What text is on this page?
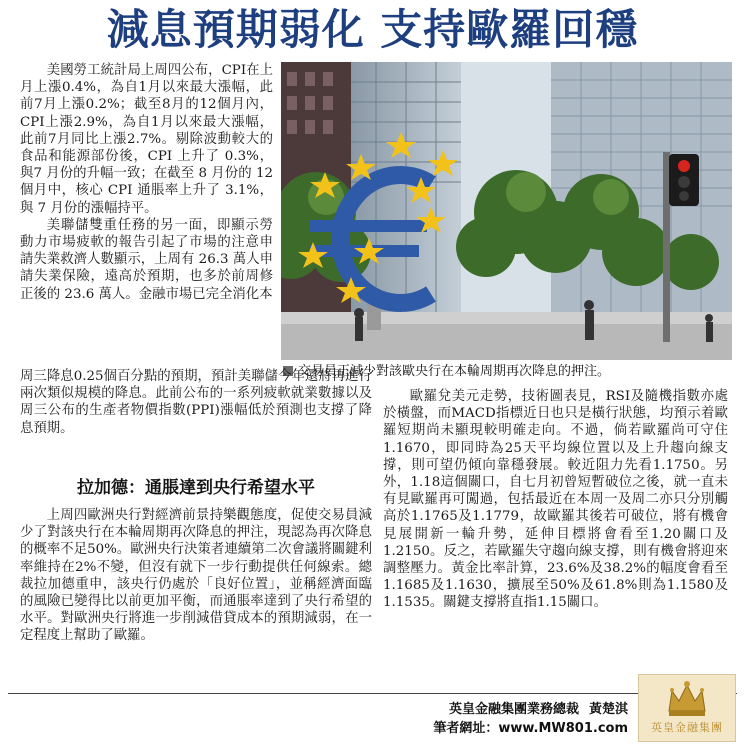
減息預期弱化 支持歐羅回穩

美國勞工統計局上周四公布，CPI在上月上漲0.4%，為自1月以來最大漲幅，此前7月上漲0.2%；截至8月的12個月內，CPI上漲2.9%，為自1月以來最大漲幅，此前7月同比上漲2.7%。剔除波動較大的食品和能源部份後，CPI 上升了 0.3%，與7 月份的升幅一致；在截至 8 月份的 12 個月中，核心 CPI 通脹率上升了 3.1%，與 7 月份的漲幅持平。

美聯儲雙重任務的另一面，即顯示勞動力市場疲軟的報告引起了市場的注意申請失業救濟人數顯示，上周有 26.3 萬人申請失業保險，遠高於預期，也多於前周修正後的 23.6 萬人。金融市場已完全消化本

交易員正減少對該歐央行在本輪周期再次降息的押注。

周三降息0.25個百分點的預期，預計美聯儲今年還將再進行兩次類似規模的降息。此前公布的一系列疲軟就業數據以及周三公布的生產者物價指數(PPI)漲幅低於預測也支撐了降息預期。

拉加德：通脹達到央行希望水平

上周四歐洲央行對經濟前景持樂觀態度，促使交易員減少了對該央行在本輪周期再次降息的押注，現認為再次降息的概率不足50%。歐洲央行決策者連續第二次會議將關鍵利率維持在2%不變，但沒有就下一步行動提供任何線索。總裁拉加德重申，該央行仍處於「良好位置」，並稱經濟面臨的風險已變得比以前更加平衡，而通脹率達到了央行希望的水平。對歐洲央行將進一步削減借貸成本的預期減弱，在一定程度上幫助了歐羅。

歐羅兌美元走勢，技術圖表見，RSI及隨機指數亦處於橫盤，而MACD指標近日也只是橫行狀態，均預示着歐羅短期尚未顯現較明確走向。不過，倘若歐羅尚可守住1.1670，即同時為25天平均線位置以及上升趨向線支撐，則可望仍傾向靠穩發展。較近阻力先看1.1750。另外，1.18這個關口，自七月初曾短暫破位之後，就一直未有見歐羅再可闖過，包括最近在本周一及周二亦只分別觸高於1.1765及1.1779，故歐羅其後若可破位，將有機會見展開新一輪升勢，延伸目標將會看至1.20關口及1.2150。反之，若歐羅失守趨向線支撐，則有機會將迎來調整壓力。黃金比率計算，23.6%及38.2%的幅度會看至1.1685及1.1630，擴展至50%及61.8%則為1.1580及1.1535。關鍵支撐將直指1.15關口。

英皇金融集團業務總裁 黃楚淇
筆者網址：www.MW801.com	英皇金融集團
